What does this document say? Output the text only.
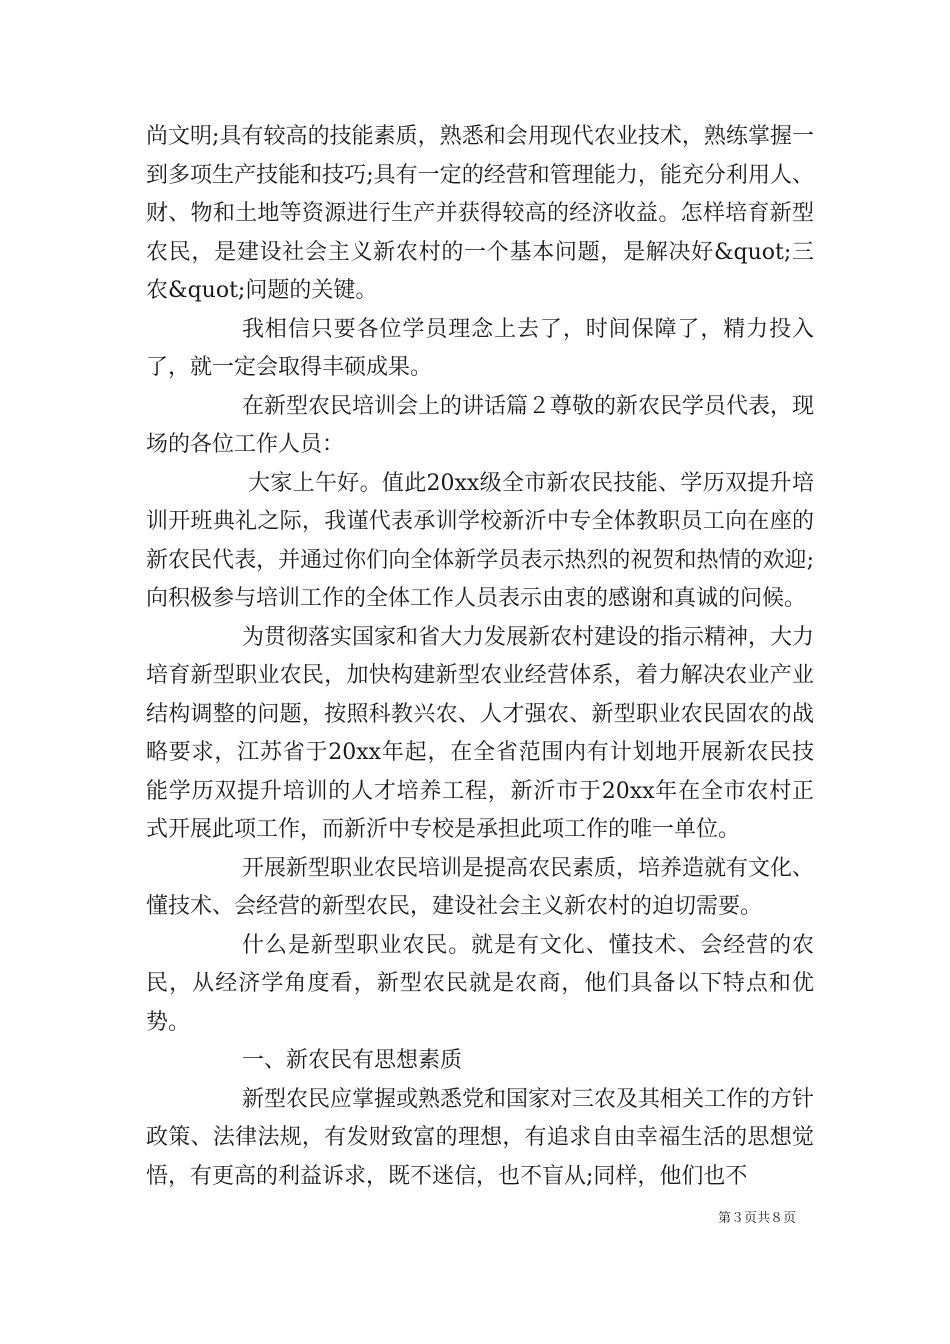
尚文明;具有较高的技能素质，熟悉和会用现代农业技术，熟练掌握一到多项生产技能和技巧;具有一定的经营和管理能力，能充分利用人、财、物和土地等资源进行生产并获得较高的经济收益。怎样培育新型农民，是建设社会主义新农村的一个基本问题，是解决好&quot;三农&quot;问题的关键。

我相信只要各位学员理念上去了，时间保障了，精力投入了，就一定会取得丰硕成果。

在新型农民培训会上的讲话篇２尊敬的新农民学员代表，现场的各位工作人员：

大家上午好。值此20xx级全市新农民技能、学历双提升培训开班典礼之际，我谨代表承训学校新沂中专全体教职员工向在座的新农民代表，并通过你们向全体新学员表示热烈的祝贺和热情的欢迎;向积极参与培训工作的全体工作人员表示由衷的感谢和真诚的问候。

为贯彻落实国家和省大力发展新农村建设的指示精神，大力培育新型职业农民，加快构建新型农业经营体系，着力解决农业产业结构调整的问题，按照科教兴农、人才强农、新型职业农民固农的战略要求，江苏省于20xx年起，在全省范围内有计划地开展新农民技能学历双提升培训的人才培养工程，新沂市于20xx年在全市农村正式开展此项工作，而新沂中专校是承担此项工作的唯一单位。

开展新型职业农民培训是提高农民素质，培养造就有文化、懂技术、会经营的新型农民，建设社会主义新农村的迫切需要。

什么是新型职业农民。就是有文化、懂技术、会经营的农民，从经济学角度看，新型农民就是农商，他们具备以下特点和优势。

一、新农民有思想素质

新型农民应掌握或熟悉党和国家对三农及其相关工作的方针政策、法律法规，有发财致富的理想，有追求自由幸福生活的思想觉悟，有更高的利益诉求，既不迷信，也不盲从;同样，他们也不

第３页共８页
